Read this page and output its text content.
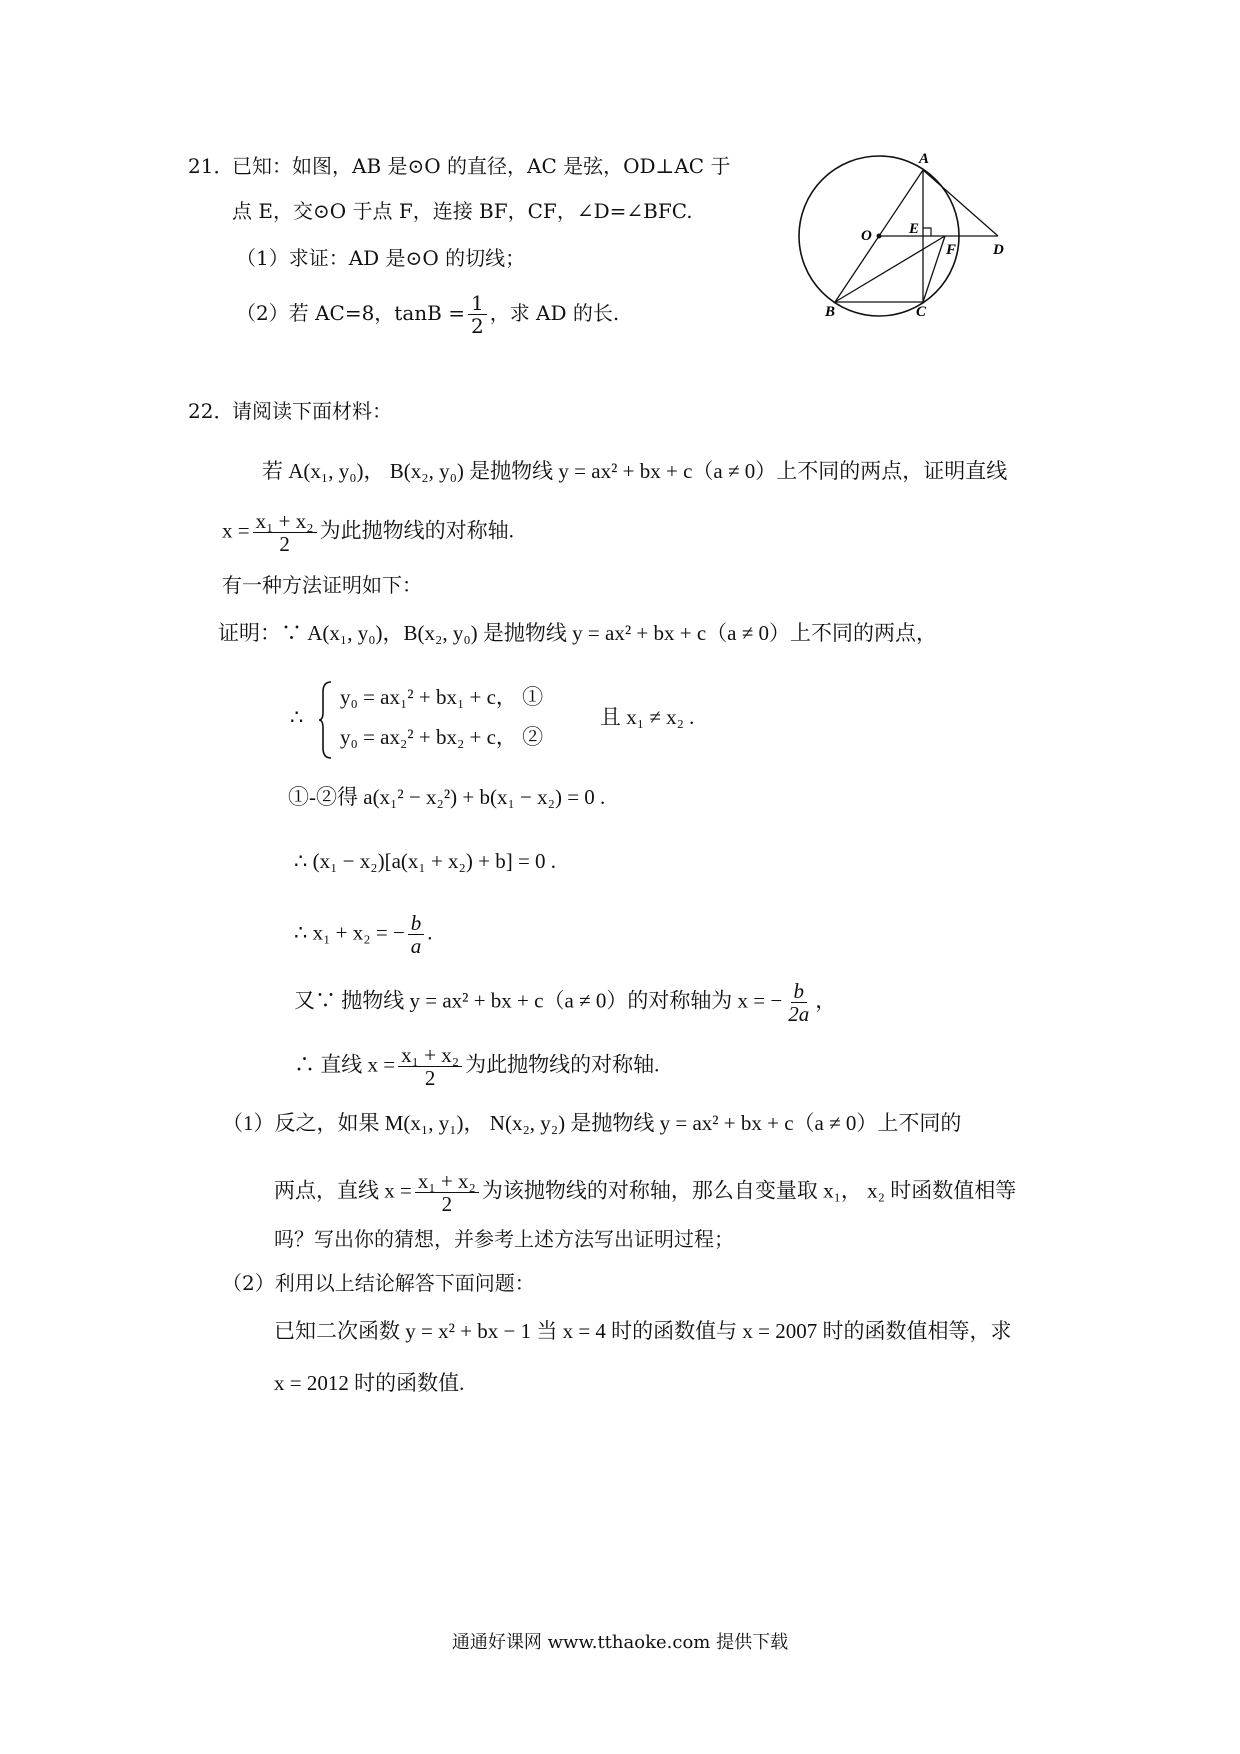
21．
已知：如图，AB 是⊙O 的直径，AC 是弦，OD⊥AC 于
点 E，交⊙O 于点 F，连接 BF，CF，∠D=∠BFC.
（1）求证：AD 是⊙O 的切线；
（2）若 AC=8，$\tan B = \frac{1}{2}$ ，求 AD 的长.
A
O E
F D
B	C
22．
请阅读下面材料：
若 A(x₁, y₀)， B(x₂, y₀) 是抛物线 y = ax² + bx + c（a ≠ 0）上不同的两点，证明直线
$x = \frac{\text{x₁ + x₂}}{2}$ 为此抛物线的对称轴.
有一种方法证明如下：
证明：∵ A(x₁, y₀)，B(x₂, y₀) 是抛物线 y = ax² + bx + c（a ≠ 0）上不同的两点，
∴
y₀ = ax₁² + bx₁ + c， ①
y₀ = ax₂² + bx₂ + c， ②
且 x₁ ≠ x₂ .
①-②得 a(x₁² − x₂²) + b(x₁ − x₂) = 0 .
∴ (x₁ − x₂)[a(x₁ + x₂) + b] = 0 .
∴ x₁ + x₂ = − $\frac{b}{a}$ .
又∵ 抛物线 y = ax² + bx + c（a ≠ 0）的对称轴为 x = − $\frac{b}{2a}$ ，
∴ 直线 $x = \frac{\text{x₁ + x₂}}{2}$ 为此抛物线的对称轴.
（1）反之，如果 M(x₁, y₁)， N(x₂, y₂) 是抛物线 y = ax² + bx + c（a ≠ 0）上不同的
两点，直线 $x = \frac{\text{x₁ + x₂}}{2}$ 为该抛物线的对称轴，那么自变量取 x₁， x₂ 时函数值相等
吗？写出你的猜想，并参考上述方法写出证明过程；
（2）利用以上结论解答下面问题：
已知二次函数 y = x² + bx − 1 当 x = 4 时的函数值与 x = 2007 时的函数值相等，求
x = 2012 时的函数值.
通通好课网 www.tthaoke.com 提供下载
